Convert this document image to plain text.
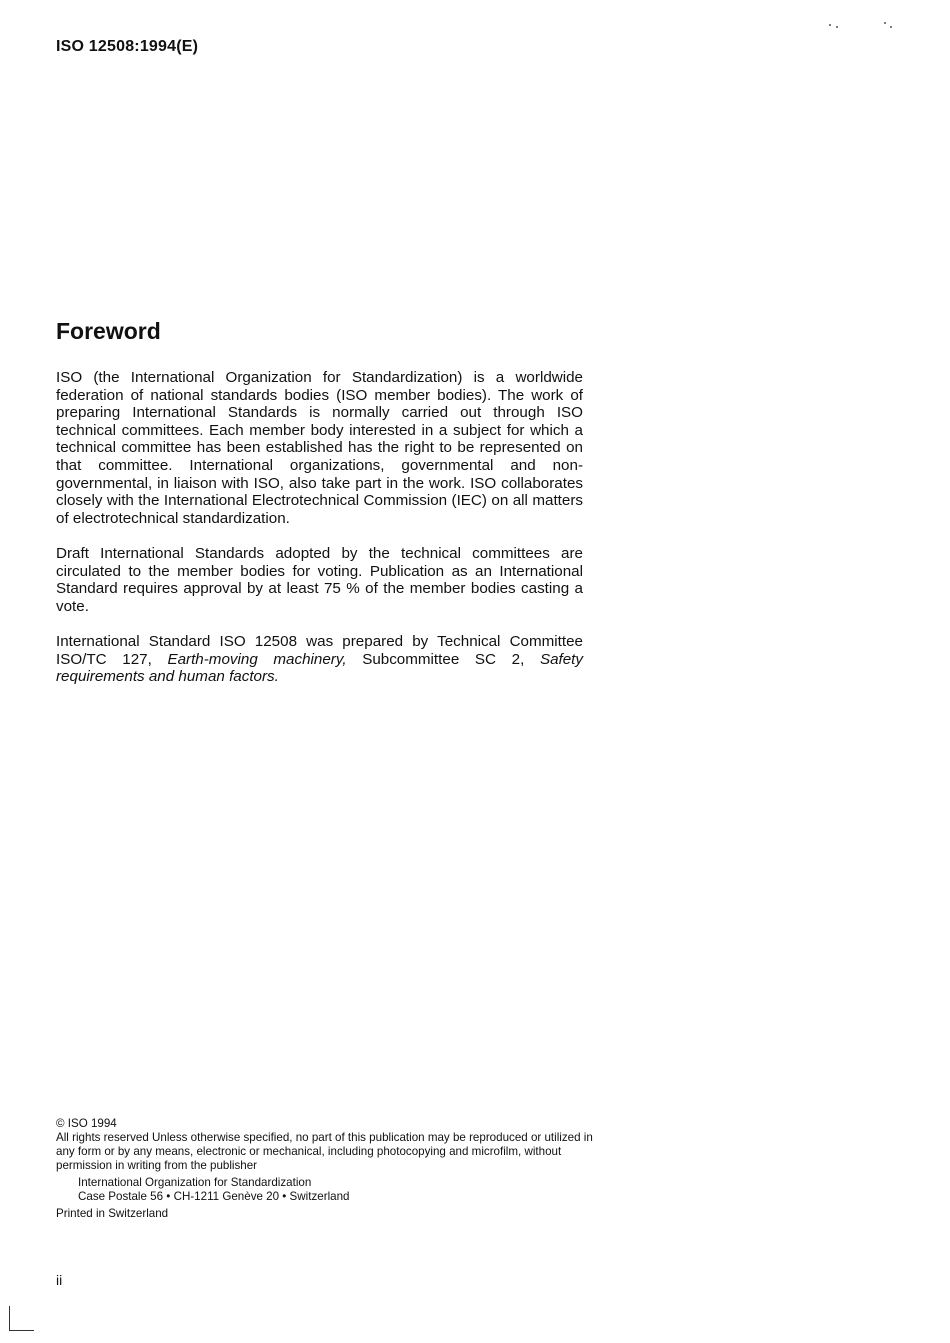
ISO 12508:1994(E)
Foreword

ISO (the International Organization for Standardization) is a worldwide federation of national standards bodies (ISO member bodies). The work of preparing International Standards is normally carried out through ISO technical committees. Each member body interested in a subject for which a technical committee has been established has the right to be represented on that committee. International organizations, governmental and non-governmental, in liaison with ISO, also take part in the work. ISO collaborates closely with the International Electrotechnical Commission (IEC) on all matters of electrotechnical standardization.

Draft International Standards adopted by the technical committees are circulated to the member bodies for voting. Publication as an International Standard requires approval by at least 75 % of the member bodies casting a vote.

International Standard ISO 12508 was prepared by Technical Committee ISO/TC 127, Earth-moving machinery, Subcommittee SC 2, Safety requirements and human factors.

© ISO 1994
All rights reserved Unless otherwise specified, no part of this publication may be reproduced or utilized in any form or by any means, electronic or mechanical, including photocopying and microfilm, without permission in writing from the publisher
International Organization for Standardization
Case Postale 56 • CH-1211 Genève 20 • Switzerland
Printed in Switzerland
ii
